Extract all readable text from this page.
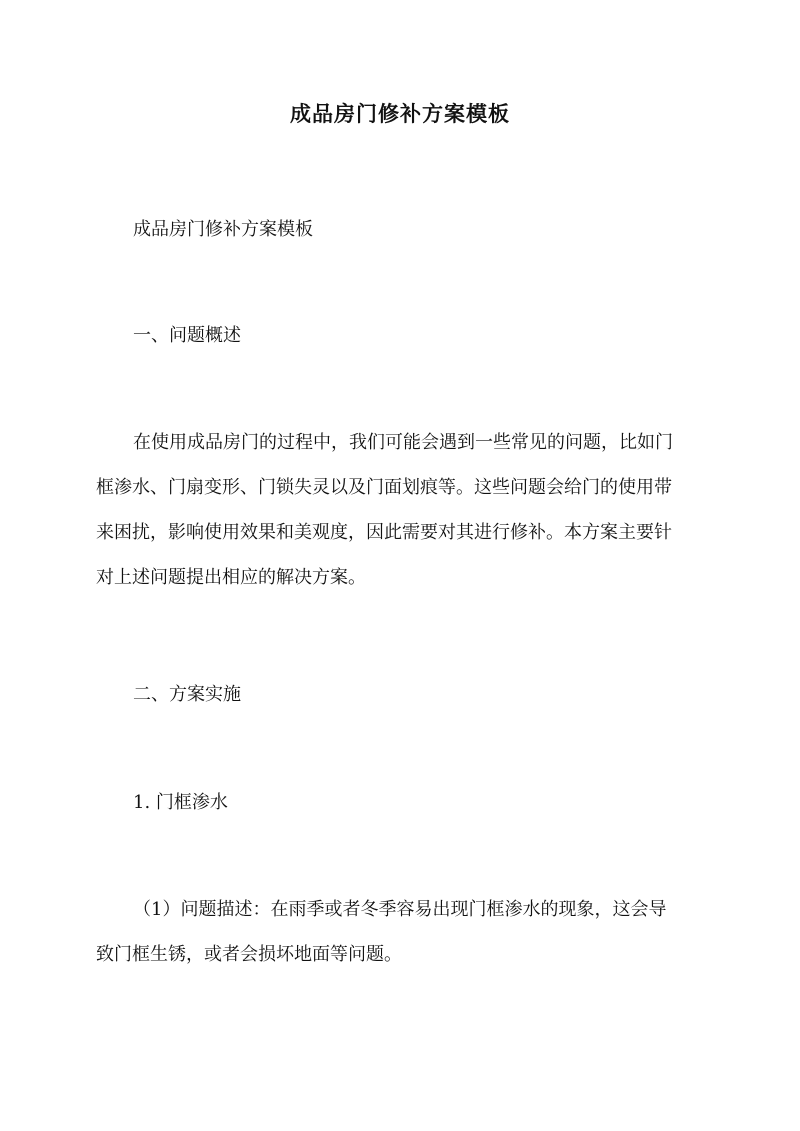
成品房门修补方案模板
成品房门修补方案模板
一、问题概述
在使用成品房门的过程中，我们可能会遇到一些常见的问题，比如门
框渗水、门扇变形、门锁失灵以及门面划痕等。这些问题会给门的使用带
来困扰，影响使用效果和美观度，因此需要对其进行修补。本方案主要针
对上述问题提出相应的解决方案。
二、方案实施
1. 门框渗水
（1）问题描述：在雨季或者冬季容易出现门框渗水的现象，这会导
致门框生锈，或者会损坏地面等问题。
